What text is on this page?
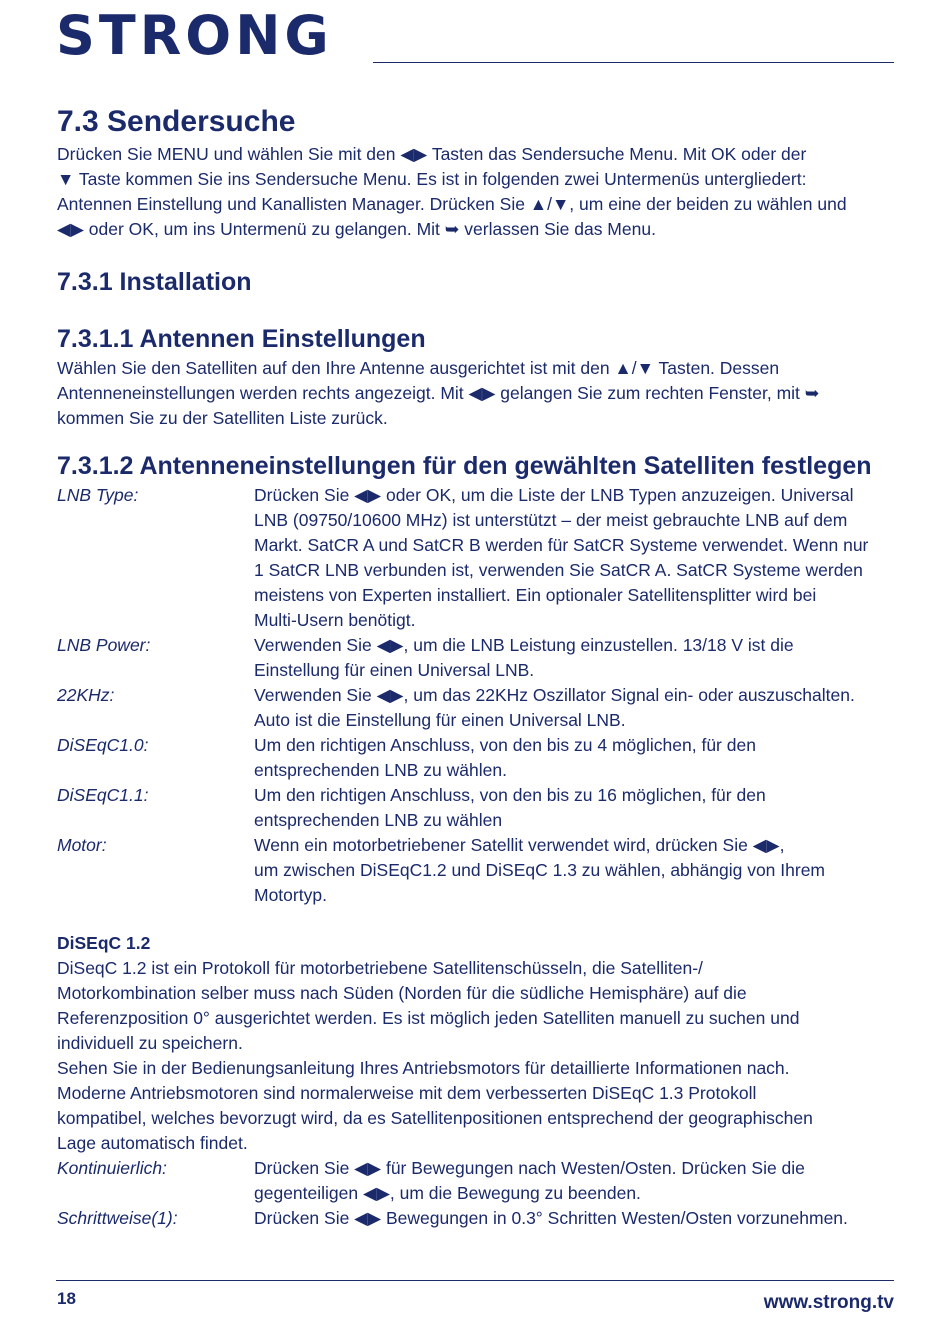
STRONG
7.3 Sendersuche

Drücken Sie MENU und wählen Sie mit den ◀▶ Tasten das Sendersuche Menu. Mit OK oder der

▼ Taste kommen Sie ins Sendersuche Menu. Es ist in folgenden zwei Untermenüs untergliedert:

Antennen Einstellung und Kanallisten Manager. Drücken Sie ▲/▼, um eine der beiden zu wählen und

◀▶ oder OK, um ins Untermenü zu gelangen. Mit ➥ verlassen Sie das Menu.

7.3.1 Installation
7.3.1.1 Antennen Einstellungen

Wählen Sie den Satelliten auf den Ihre Antenne ausgerichtet ist mit den ▲/▼ Tasten. Dessen

Antenneneinstellungen werden rechts angezeigt. Mit ◀▶ gelangen Sie zum rechten Fenster, mit ➥

kommen Sie zu der Satelliten Liste zurück.

7.3.1.2 Antenneneinstellungen für den gewählten Satelliten festlegen
LNB Type:	Drücken Sie ◀▶ oder OK, um die Liste der LNB Typen anzuzeigen. Universal
LNB (09750/10600 MHz) ist unterstützt – der meist gebrauchte LNB auf dem
Markt. SatCR A und SatCR B werden für SatCR Systeme verwendet. Wenn nur
1 SatCR LNB verbunden ist, verwenden Sie SatCR A. SatCR Systeme werden
meistens von Experten installiert. Ein optionaler Satellitensplitter wird bei
Multi-Usern benötigt.
LNB Power:	Verwenden Sie ◀▶, um die LNB Leistung einzustellen. 13/18 V ist die
Einstellung für einen Universal LNB.
22KHz:	Verwenden Sie ◀▶, um das 22KHz Oszillator Signal ein- oder auszuschalten.
Auto ist die Einstellung für einen Universal LNB.
DiSEqC1.0:	Um den richtigen Anschluss, von den bis zu 4 möglichen, für den
entsprechenden LNB zu wählen.
DiSEqC1.1:	Um den richtigen Anschluss, von den bis zu 16 möglichen, für den
entsprechenden LNB zu wählen
Motor:	Wenn ein motorbetriebener Satellit verwendet wird, drücken Sie ◀▶,
um zwischen DiSEqC1.2 und DiSEqC 1.3 zu wählen, abhängig von Ihrem
Motortyp.
DiSEqC 1.2

DiSeqC 1.2 ist ein Protokoll für motorbetriebene Satellitenschüsseln, die Satelliten-/

Motorkombination selber muss nach Süden (Norden für die südliche Hemisphäre) auf die

Referenzposition 0° ausgerichtet werden. Es ist möglich jeden Satelliten manuell zu suchen und

individuell zu speichern.

Sehen Sie in der Bedienungsanleitung Ihres Antriebsmotors für detaillierte Informationen nach.

Moderne Antriebsmotoren sind normalerweise mit dem verbesserten DiSEqC 1.3 Protokoll

kompatibel, welches bevorzugt wird, da es Satellitenpositionen entsprechend der geographischen

Lage automatisch findet.

Kontinuierlich:	Drücken Sie ◀▶ für Bewegungen nach Westen/Osten. Drücken Sie die
gegenteiligen ◀▶, um die Bewegung zu beenden.
Schrittweise(1):	Drücken Sie ◀▶ Bewegungen in 0.3° Schritten Westen/Osten vorzunehmen.
18	www.strong.tv
